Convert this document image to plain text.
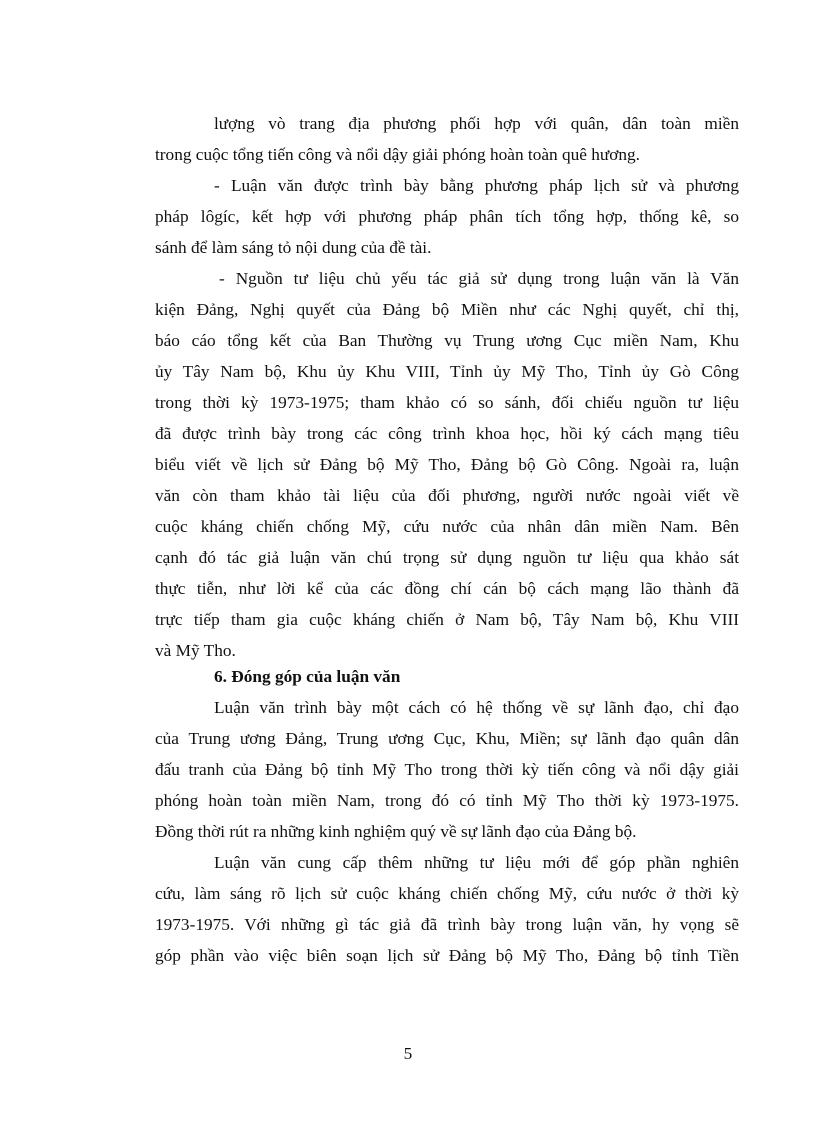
lượng vò trang địa phương phối hợp với quân, dân toàn miền
trong cuộc tổng tiến công và nổi dậy giải phóng hoàn toàn quê hương.
- Luận văn được trình bày bằng phương pháp lịch sử và phương
pháp lôgíc, kết hợp với phương pháp phân tích tổng hợp, thống kê, so
sánh để làm sáng tỏ nội dung của đề tài.
- Nguồn tư liệu chủ yếu tác giả sử dụng trong luận văn là Văn
kiện Đảng, Nghị quyết của Đảng bộ Miền như các Nghị quyết, chỉ thị,
báo cáo tổng kết của Ban Thường vụ Trung ương Cục miền Nam, Khu
ủy Tây Nam bộ, Khu ủy Khu VIII, Tỉnh ủy Mỹ Tho, Tỉnh ủy Gò Công
trong thời kỳ 1973-1975; tham khảo có so sánh, đối chiếu nguồn tư liệu
đã được trình bày trong các công trình khoa học, hồi ký cách mạng tiêu
biểu viết về lịch sử Đảng bộ Mỹ Tho, Đảng bộ Gò Công. Ngoài ra, luận
văn còn tham khảo tài liệu của đối phương, người nước ngoài viết về
cuộc kháng chiến chống Mỹ, cứu nước của nhân dân miền Nam. Bên
cạnh đó tác giả luận văn chú trọng sử dụng nguồn tư liệu qua khảo sát
thực tiễn, như lời kể của các đồng chí cán bộ cách mạng lão thành đã
trực tiếp tham gia cuộc kháng chiến ở Nam bộ, Tây Nam bộ, Khu VIII
và Mỹ Tho.
6. Đóng góp của luận văn
Luận văn trình bày một cách có hệ thống về sự lãnh đạo, chỉ đạo
của Trung ương Đảng, Trung ương Cục, Khu, Miền; sự lãnh đạo quân dân
đấu tranh của Đảng bộ tỉnh Mỹ Tho trong thời kỳ tiến công và nổi dậy giải
phóng hoàn toàn miền Nam, trong đó có tỉnh Mỹ Tho thời kỳ 1973-1975.
Đồng thời rút ra những kinh nghiệm quý về sự lãnh đạo của Đảng bộ.
Luận văn cung cấp thêm những tư liệu mới để góp phần nghiên
cứu, làm sáng rõ lịch sử cuộc kháng chiến chống Mỹ, cứu nước ở thời kỳ
1973-1975. Với những gì tác giả đã trình bày trong luận văn, hy vọng sẽ
góp phần vào việc biên soạn lịch sử Đảng bộ Mỹ Tho, Đảng bộ tỉnh Tiền
5
